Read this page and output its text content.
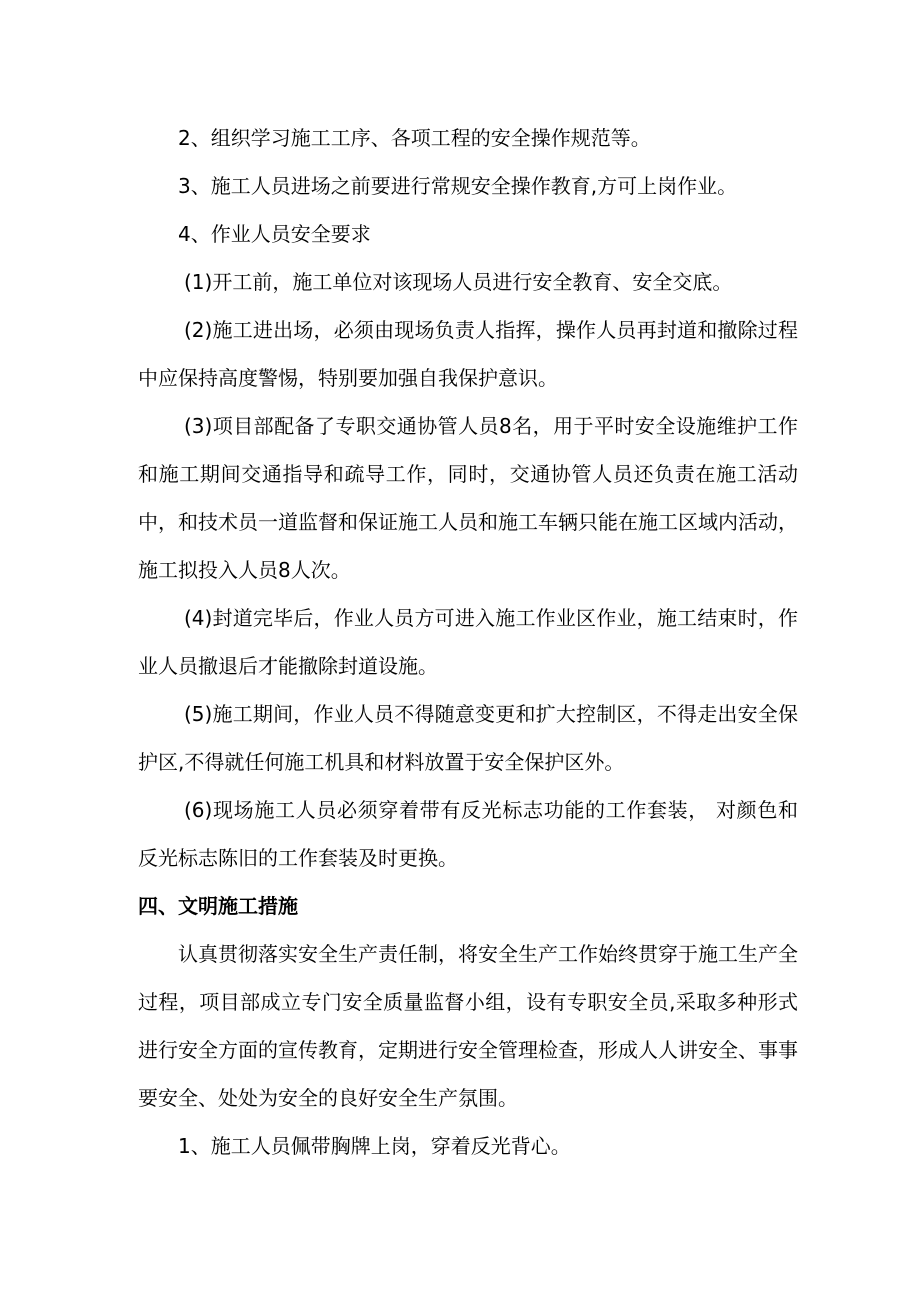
2、组织学习施工工序、各项工程的安全操作规范等。

3、施工人员进场之前要进行常规安全操作教育,方可上岗作业。

4、作业人员安全要求

(1)开工前，施工单位对该现场人员进行安全教育、安全交底。

(2)施工进出场，必须由现场负责人指挥，操作人员再封道和撤除过程中应保持高度警惕，特别要加强自我保护意识。

(3)项目部配备了专职交通协管人员8名，用于平时安全设施维护工作和施工期间交通指导和疏导工作，同时，交通协管人员还负责在施工活动中，和技术员一道监督和保证施工人员和施工车辆只能在施工区域内活动，施工拟投入人员8人次。

(4)封道完毕后，作业人员方可进入施工作业区作业，施工结束时，作业人员撤退后才能撤除封道设施。

(5)施工期间，作业人员不得随意变更和扩大控制区，不得走出安全保护区,不得就任何施工机具和材料放置于安全保护区外。

(6)现场施工人员必须穿着带有反光标志功能的工作套装， 对颜色和反光标志陈旧的工作套装及时更换。

四、文明施工措施

认真贯彻落实安全生产责任制，将安全生产工作始终贯穿于施工生产全过程，项目部成立专门安全质量监督小组，设有专职安全员,采取多种形式进行安全方面的宣传教育，定期进行安全管理检查，形成人人讲安全、事事要安全、处处为安全的良好安全生产氛围。

1、施工人员佩带胸牌上岗，穿着反光背心。
